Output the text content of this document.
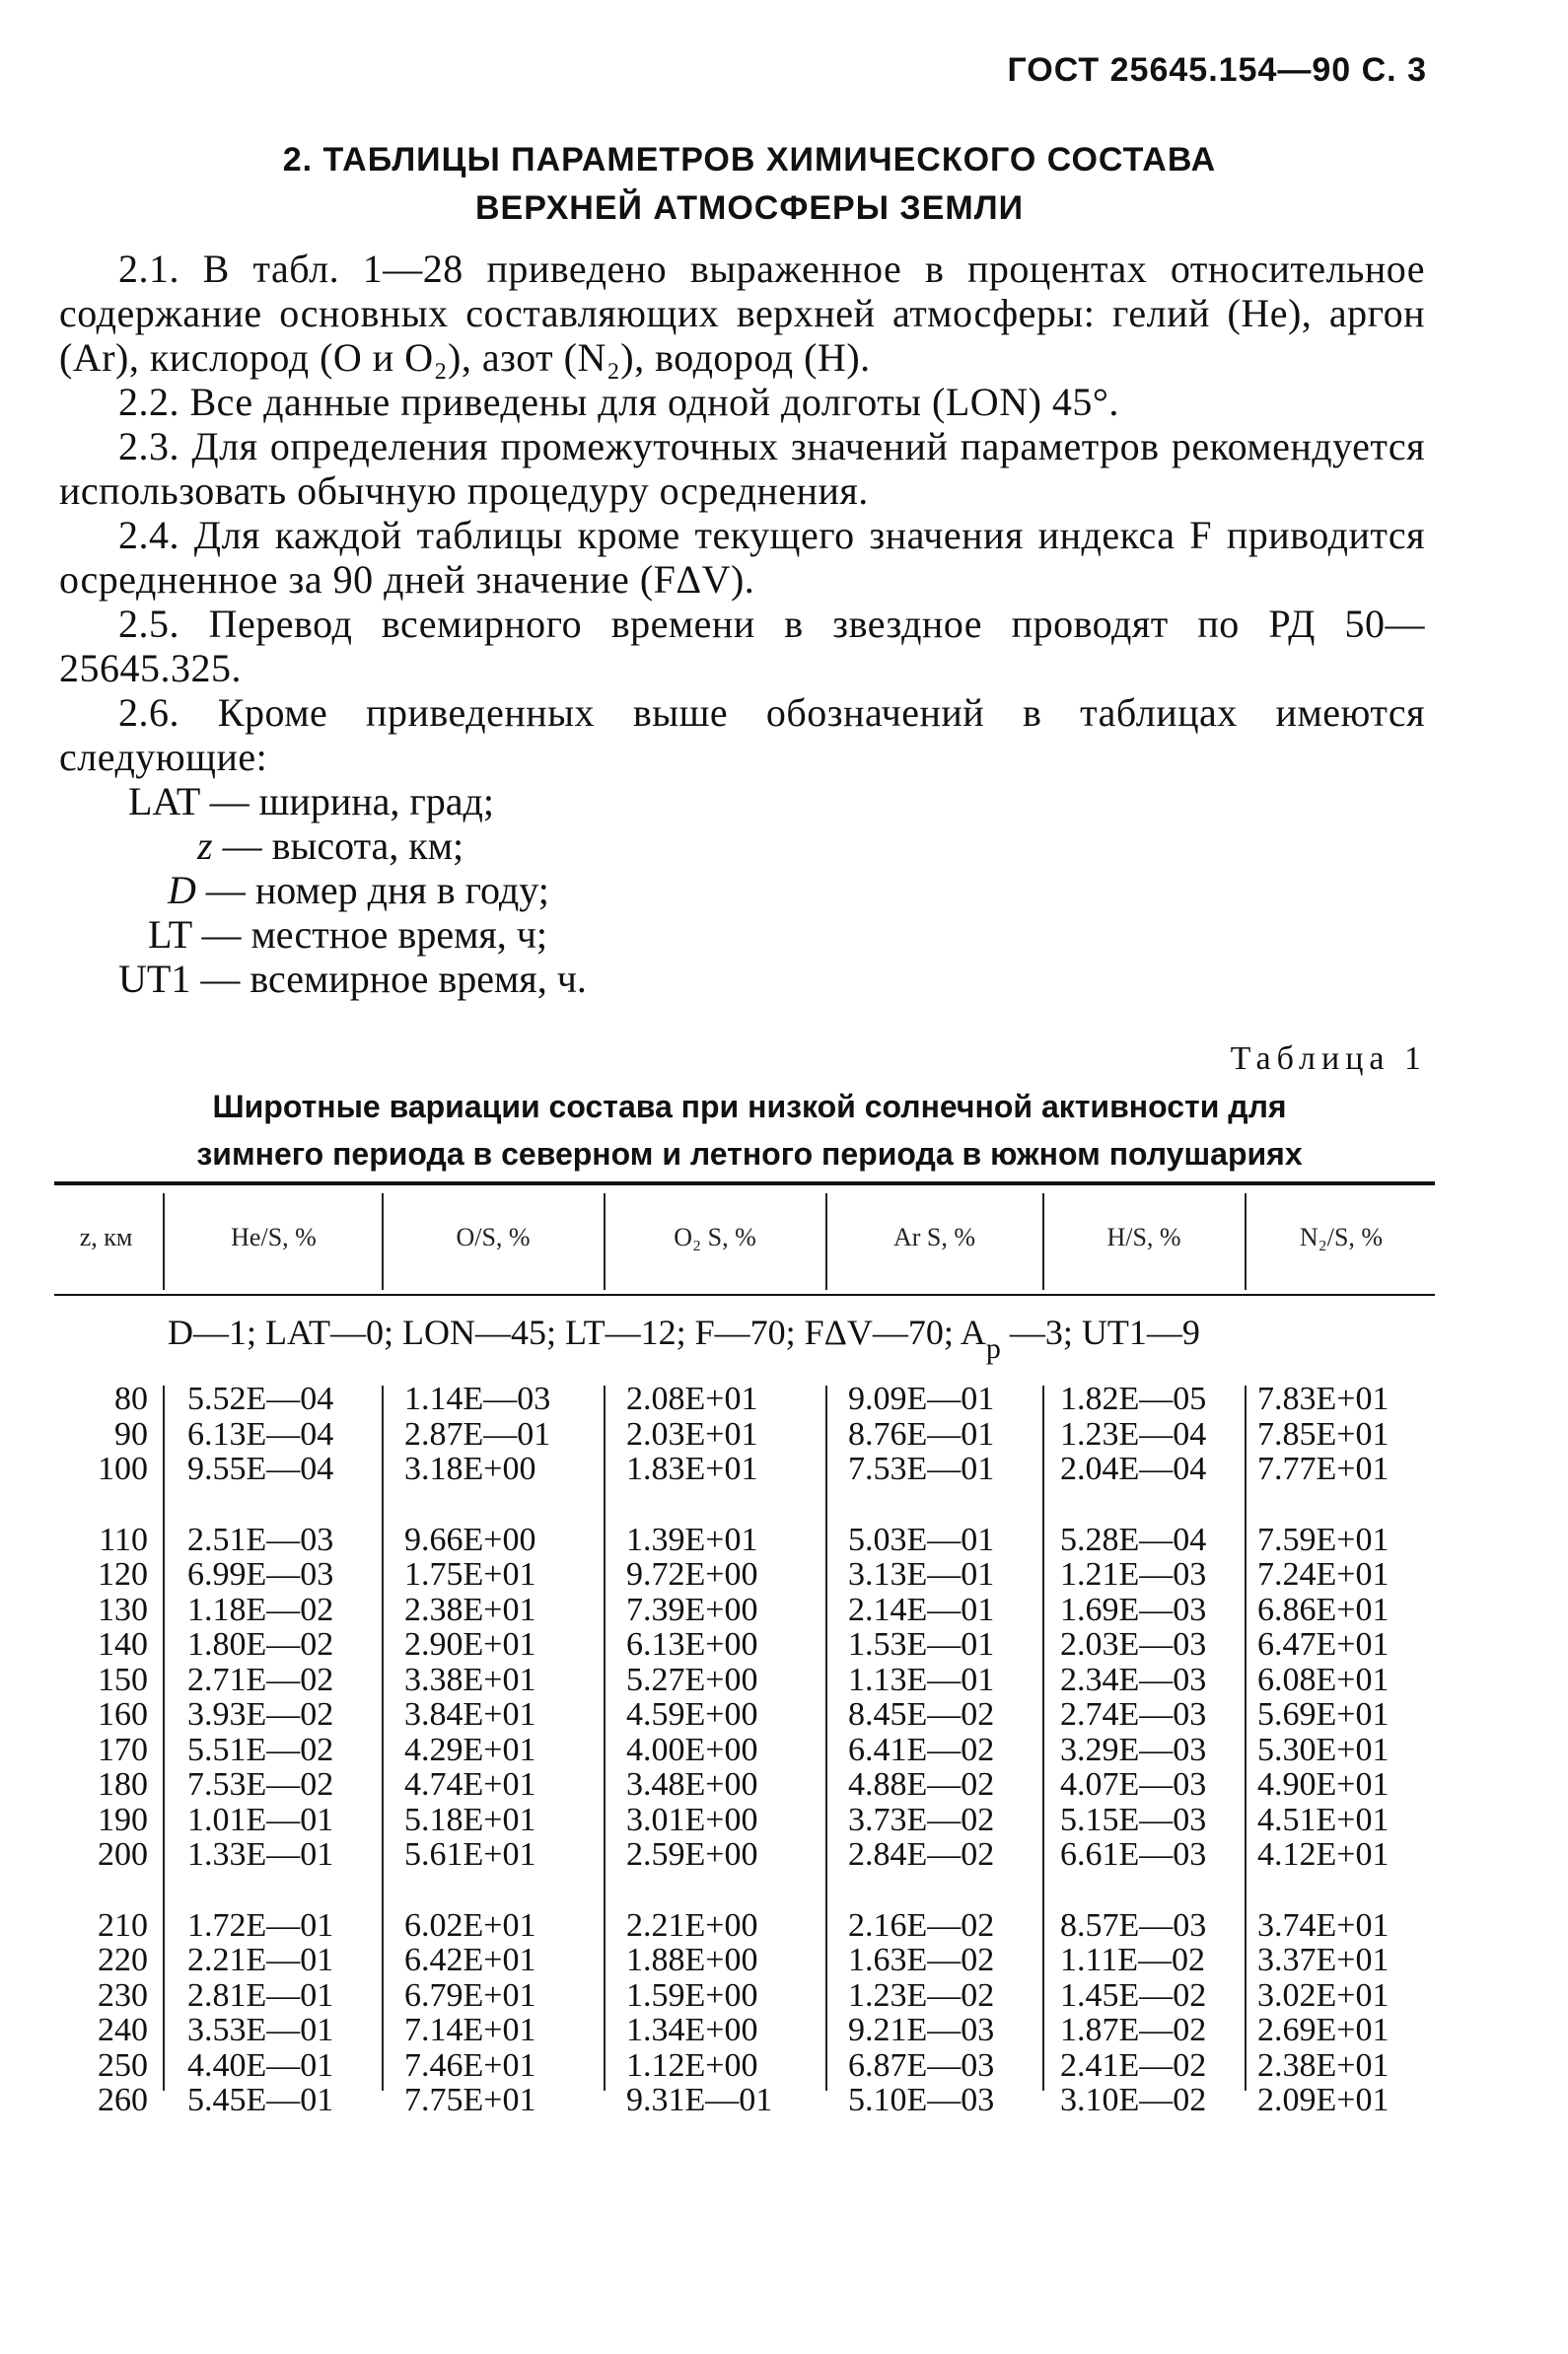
ГОСТ 25645.154—90 С. 3
2. ТАБЛИЦЫ ПАРАМЕТРОВ ХИМИЧЕСКОГО СОСТАВА
ВЕРХНЕЙ АТМОСФЕРЫ ЗЕМЛИ

2.1. В табл. 1—28 приведено выраженное в процентах относительное содержание основных составляющих верхней атмосферы: гелий (He), аргон (Ar), кислород (O и O₂), азот (N₂), водород (H).

2.2. Все данные приведены для одной долготы (LON) 45°.

2.3. Для определения промежуточных значений параметров рекомендуется использовать обычную процедуру осреднения.

2.4. Для каждой таблицы кроме текущего значения индекса F приводится осредненное за 90 дней значение (FΔV).

2.5. Перевод всемирного времени в звездное проводят по РД 50—25645.325.

2.6. Кроме приведенных выше обозначений в таблицах имеются следующие:

LAT — ширина, град;
z — высота, км;
D — номер дня в году;
LT — местное время, ч;
UT1 — всемирное время, ч.
Таблица 1
Широтные вариации состава при низкой солнечной активности для
зимнего периода в северном и летного периода в южном полушариях
z, км	He/S, %	O/S, %	O₂ S, %	Ar S, %	H/S, %	N₂/S, %
D—1; LAT—0; LON—45; LT—12; F—70; FΔV—70; $A_p$ —3; UT1—9
80 5.52E—04	1.14E—03	2.08E+01	9.09E—01	1.82E—05	7.83E+01
90 6.13E—04	2.87E—01	2.03E+01	8.76E—01	1.23E—04	7.85E+01
100 9.55E—04	3.18E+00	1.83E+01	7.53E—01	2.04E—04	7.77E+01
110 2.51E—03	9.66E+00	1.39E+01	5.03E—01	5.28E—04	7.59E+01
120 6.99E—03	1.75E+01	9.72E+00	3.13E—01	1.21E—03	7.24E+01
130 1.18E—02	2.38E+01	7.39E+00	2.14E—01	1.69E—03	6.86E+01
140 1.80E—02	2.90E+01	6.13E+00	1.53E—01	2.03E—03	6.47E+01
150 2.71E—02	3.38E+01	5.27E+00	1.13E—01	2.34E—03	6.08E+01
160 3.93E—02	3.84E+01	4.59E+00	8.45E—02	2.74E—03	5.69E+01
170 5.51E—02	4.29E+01	4.00E+00	6.41E—02	3.29E—03	5.30E+01
180 7.53E—02	4.74E+01	3.48E+00	4.88E—02	4.07E—03	4.90E+01
190 1.01E—01	5.18E+01	3.01E+00	3.73E—02	5.15E—03	4.51E+01
200 1.33E—01	5.61E+01	2.59E+00	2.84E—02	6.61E—03	4.12E+01
210 1.72E—01	6.02E+01	2.21E+00	2.16E—02	8.57E—03	3.74E+01
220 2.21E—01	6.42E+01	1.88E+00	1.63E—02	1.11E—02	3.37E+01
230 2.81E—01	6.79E+01	1.59E+00	1.23E—02	1.45E—02	3.02E+01
240 3.53E—01	7.14E+01	1.34E+00	9.21E—03	1.87E—02	2.69E+01
250 4.40E—01	7.46E+01	1.12E+00	6.87E—03	2.41E—02	2.38E+01
260 5.45E—01	7.75E+01	9.31E—01	5.10E—03	3.10E—02	2.09E+01
